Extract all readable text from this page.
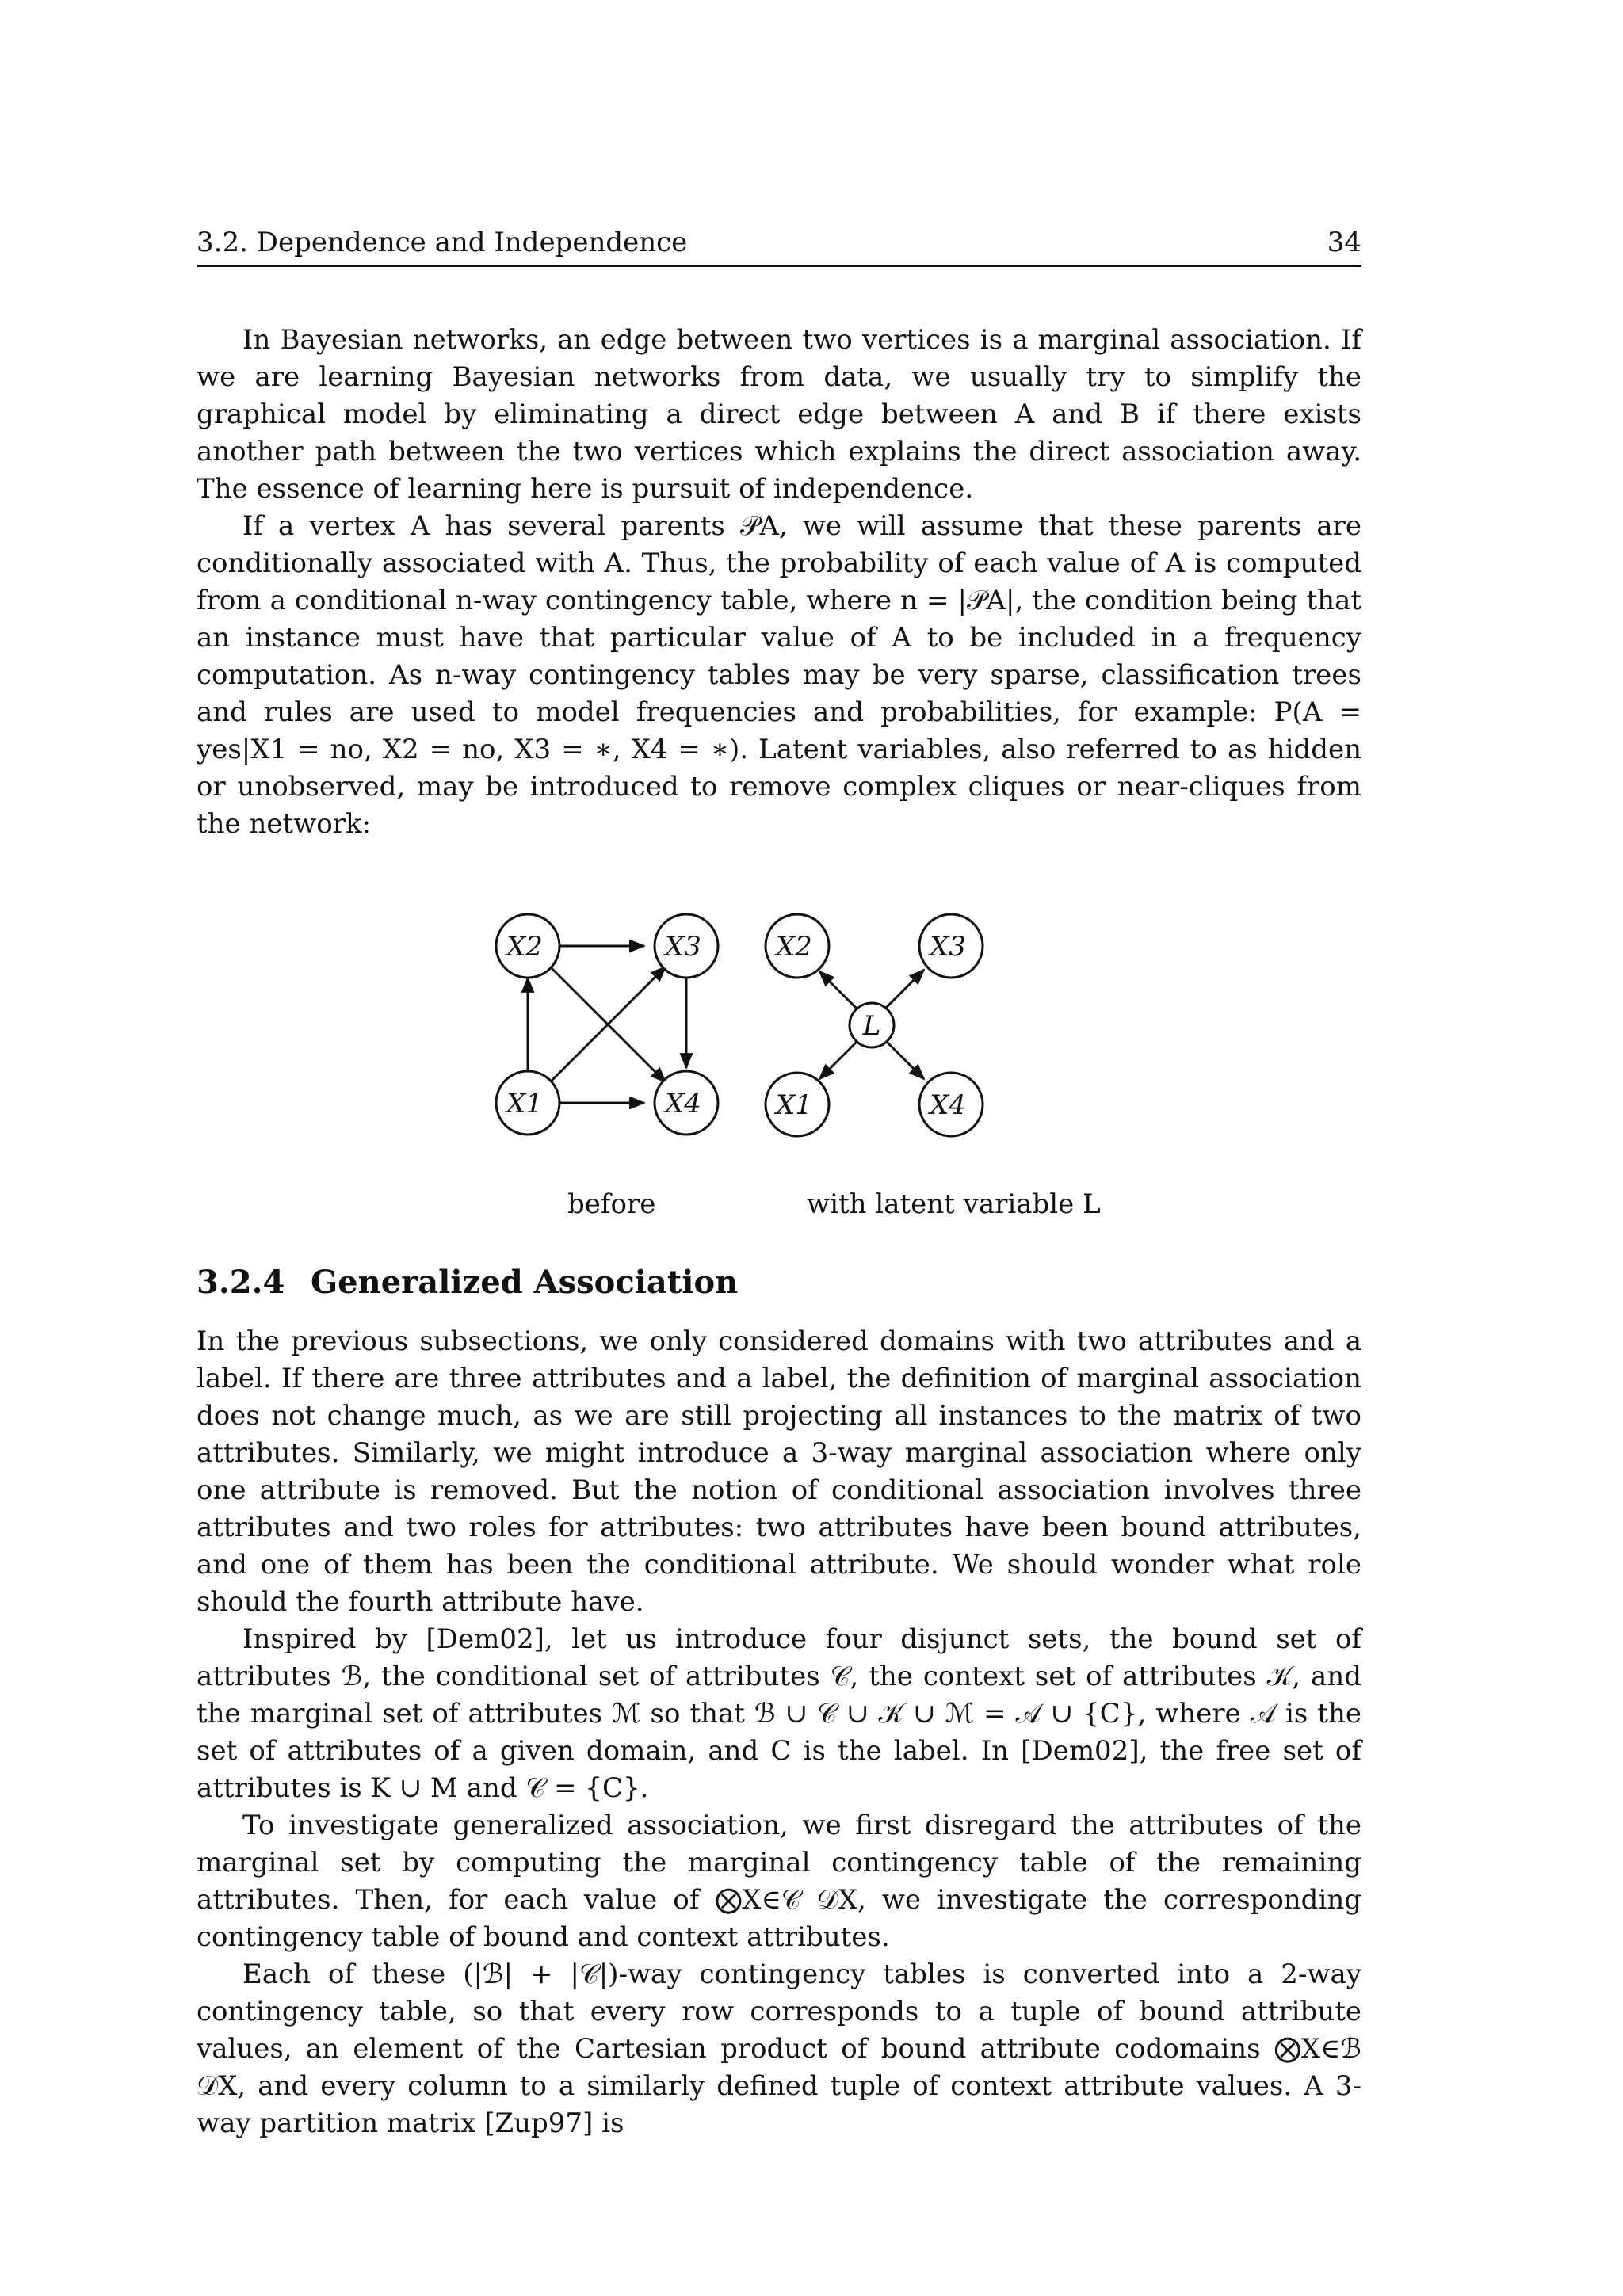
3.2. Dependence and Independence	34

In Bayesian networks, an edge between two vertices is a marginal association. If we are learning Bayesian networks from data, we usually try to simplify the graphical model by eliminating a direct edge between A and B if there exists another path between the two vertices which explains the direct association away. The essence of learning here is pursuit of independence.

If a vertex A has several parents 𝒫A, we will assume that these parents are conditionally associated with A. Thus, the probability of each value of A is computed from a conditional n-way contingency table, where n = |𝒫A|, the condition being that an instance must have that particular value of A to be included in a frequency computation. As n-way contingency tables may be very sparse, classification trees and rules are used to model frequencies and probabilities, for example: P(A = yes|X1 = no, X2 = no, X3 = ∗, X4 = ∗). Latent variables, also referred to as hidden or unobserved, may be introduced to remove complex cliques or near-cliques from the network:

X2	X3
X1	X4
X2	X3
L
X1	X4
before	with latent variable L
3.2.4 Generalized Association

In the previous subsections, we only considered domains with two attributes and a label. If there are three attributes and a label, the definition of marginal association does not change much, as we are still projecting all instances to the matrix of two attributes. Similarly, we might introduce a 3-way marginal association where only one attribute is removed. But the notion of conditional association involves three attributes and two roles for attributes: two attributes have been bound attributes, and one of them has been the conditional attribute. We should wonder what role should the fourth attribute have.

Inspired by [Dem02], let us introduce four disjunct sets, the bound set of attributes ℬ, the conditional set of attributes 𝒞, the context set of attributes 𝒦, and the marginal set of attributes ℳ so that ℬ ∪ 𝒞 ∪ 𝒦 ∪ ℳ = 𝒜 ∪ {C}, where 𝒜 is the set of attributes of a given domain, and C is the label. In [Dem02], the free set of attributes is K ∪ M and 𝒞 = {C}.

To investigate generalized association, we first disregard the attributes of the marginal set by computing the marginal contingency table of the remaining attributes. Then, for each value of ⨂X∈𝒞 𝒟X, we investigate the corresponding contingency table of bound and context attributes.

Each of these (|ℬ| + |𝒞|)-way contingency tables is converted into a 2-way contingency table, so that every row corresponds to a tuple of bound attribute values, an element of the Cartesian product of bound attribute codomains ⨂X∈ℬ 𝒟X, and every column to a similarly defined tuple of context attribute values. A 3-way partition matrix [Zup97] is
